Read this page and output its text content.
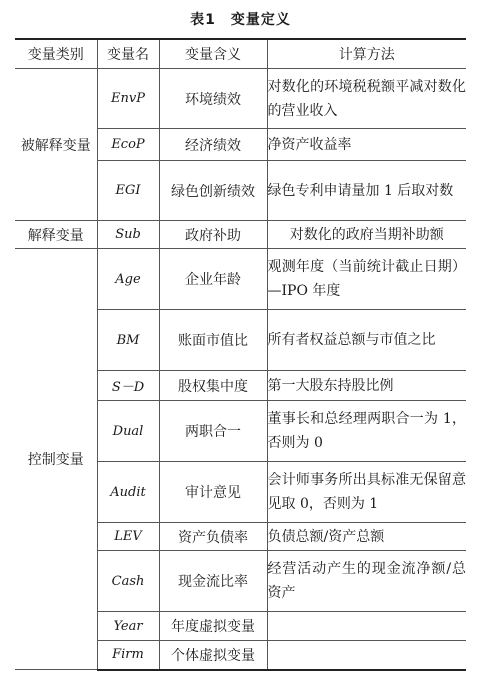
表1　变量定义
变量类别	变量名	变量含义	计算方法
被解释变量	EnvP	环境绩效	对数化的环境税税额平减对数化的营业收入
	EcoP	经济绩效	净资产收益率
	EGI	绿色创新绩效	绿色专利申请量加 1 后取对数
解释变量	Sub	政府补助	对数化的政府当期补助额
控制变量	Age	企业年龄	观测年度（当前统计截止日期）—IPO 年度
	BM	账面市值比	所有者权益总额与市值之比
	S－D	股权集中度	第一大股东持股比例
	Dual	两职合一	董事长和总经理两职合一为 1，否则为 0
	Audit	审计意见	会计师事务所出具标准无保留意见取 0，否则为 1
	LEV	资产负债率	负债总额/资产总额
	Cash	现金流比率	经营活动产生的现金流净额/总资产
	Year	年度虚拟变量	
	Firm	个体虚拟变量	
